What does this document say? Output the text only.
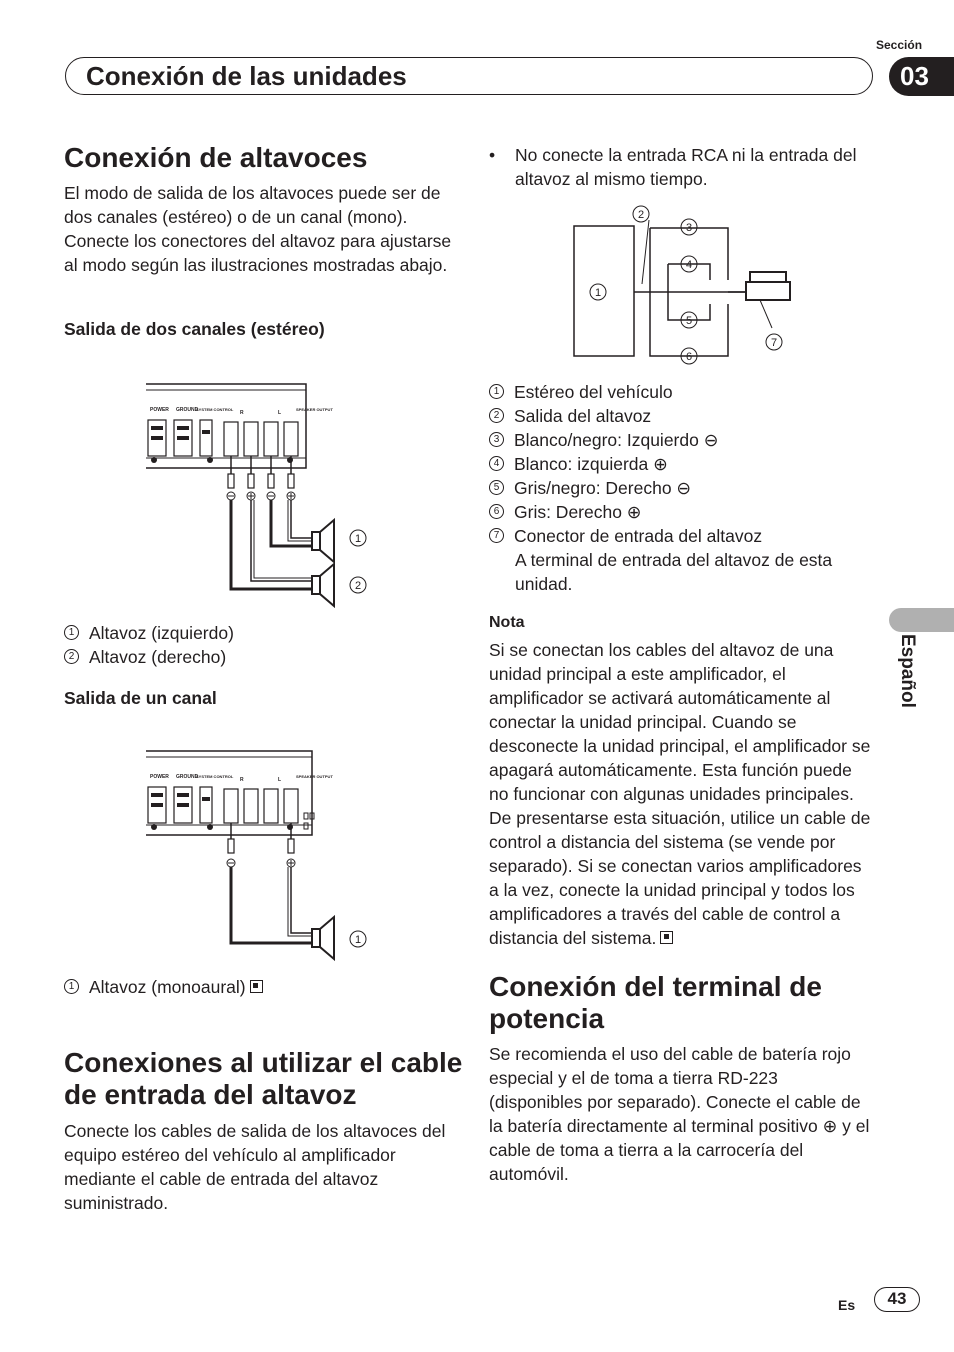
Sección
Conexión de las unidades	03
Español
Conexión de altavoces
El modo de salida de los altavoces puede ser de dos canales (estéreo) o de un canal (mono). Conecte los conectores del altavoz para ajustarse al modo según las ilustraciones mostradas abajo.
Salida de dos canales (estéreo)
POWER GROUND
SYSTEM CONTROL
R	L
SPEAKER OUTPUT
1
2
1 Altavoz (izquierdo)
2 Altavoz (derecho)
Salida de un canal
POWER GROUND
SYSTEM CONTROL
R	L
SPEAKER OUTPUT
1
1 Altavoz (monoaural)
Conexiones al utilizar el cable de entrada del altavoz
Conecte los cables de salida de los altavoces del equipo estéreo del vehículo al amplificador mediante el cable de entrada del altavoz suministrado.
• No conecte la entrada RCA ni la entrada del altavoz al mismo tiempo.
1
2
3
4
5
6
7
1 Estéreo del vehículo
2 Salida del altavoz
3 Blanco/negro: Izquierdo ⊖
4 Blanco: izquierda ⊕
5 Gris/negro: Derecho ⊖
6 Gris: Derecho ⊕
7 Conector de entrada del altavoz
A terminal de entrada del altavoz de esta unidad.
Nota
Si se conectan los cables del altavoz de una unidad principal a este amplificador, el amplificador se activará automáticamente al conectar la unidad principal. Cuando se desconecte la unidad principal, el amplificador se apagará automáticamente. Esta función puede no funcionar con algunas unidades principales. De presentarse esta situación, utilice un cable de control a distancia del sistema (se vende por separado). Si se conectan varios amplificadores a la vez, conecte la unidad principal y todos los amplificadores a través del cable de control a distancia del sistema.
Conexión del terminal de potencia
Se recomienda el uso del cable de batería rojo especial y el de toma a tierra RD-223 (disponibles por separado). Conecte el cable de la batería directamente al terminal positivo ⊕ y el cable de toma a tierra a la carrocería del automóvil.
Es	43
